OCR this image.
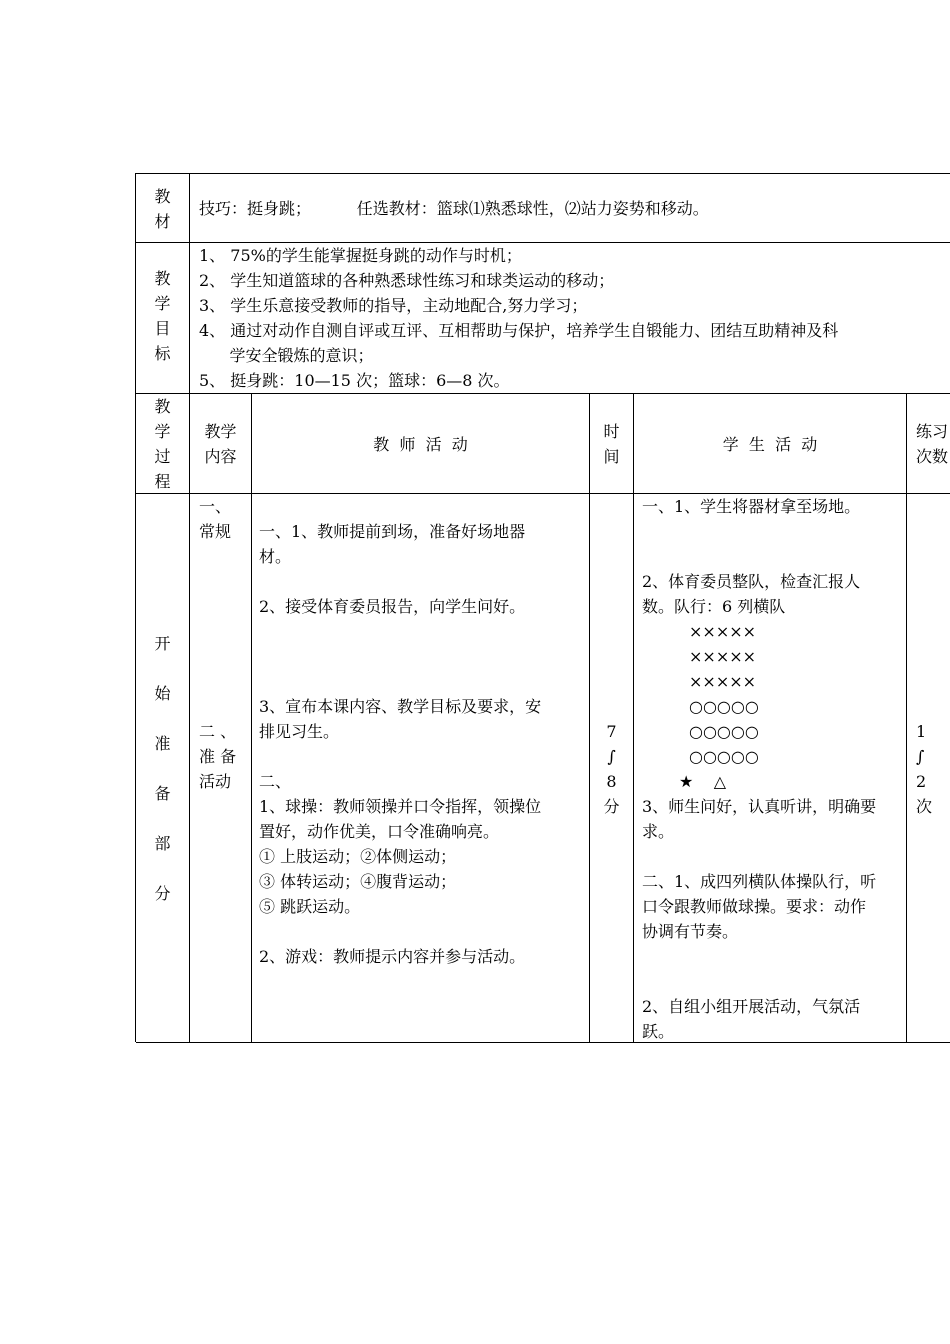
教
材
技巧：挺身跳；         任选教材：篮球⑴熟悉球性，⑵站力姿势和移动。
教
学
目
标
1、 75%的学生能掌握挺身跳的动作与时机；
2、 学生知道篮球的各种熟悉球性练习和球类运动的移动；
3、 学生乐意接受教师的指导，主动地配合,努力学习；
4、 通过对动作自测自评或互评、互相帮助与保护，培养学生自锻能力、团结互助精神及科
学安全锻炼的意识；
5、 挺身跳：10—15 次；篮球：6—8 次。
教
学
过
程
教学
内容
教  师  活  动
时
间
学  生  活  动
练习
次数
开
始
准
备
部
分
一、
常规
二 、
准 备
活动
一、1、教师提前到场，准备好场地器
材。
2、接受体育委员报告，向学生问好。
3、宣布本课内容、教学目标及要求，安
排见习生。
二、
1、球操：教师领操并口令指挥，领操位
置好，动作优美，口令准确响亮。
① 上肢运动；②体侧运动；
③ 体转运动；④腹背运动；
⑤ 跳跃运动。
2、游戏：教师提示内容并参与活动。
7
∫
8
分
一、1、学生将器材拿至场地。
2、体育委员整队，检查汇报人
数。队行：6 列横队
×××××
×××××
×××××
○○○○○
○○○○○
○○○○○
★    △
3、师生问好，认真听讲，明确要
求。
二、1、成四列横队体操队行，听
口令跟教师做球操。要求：动作
协调有节奏。
2、自组小组开展活动，气氛活
跃。
1
∫
2
次
